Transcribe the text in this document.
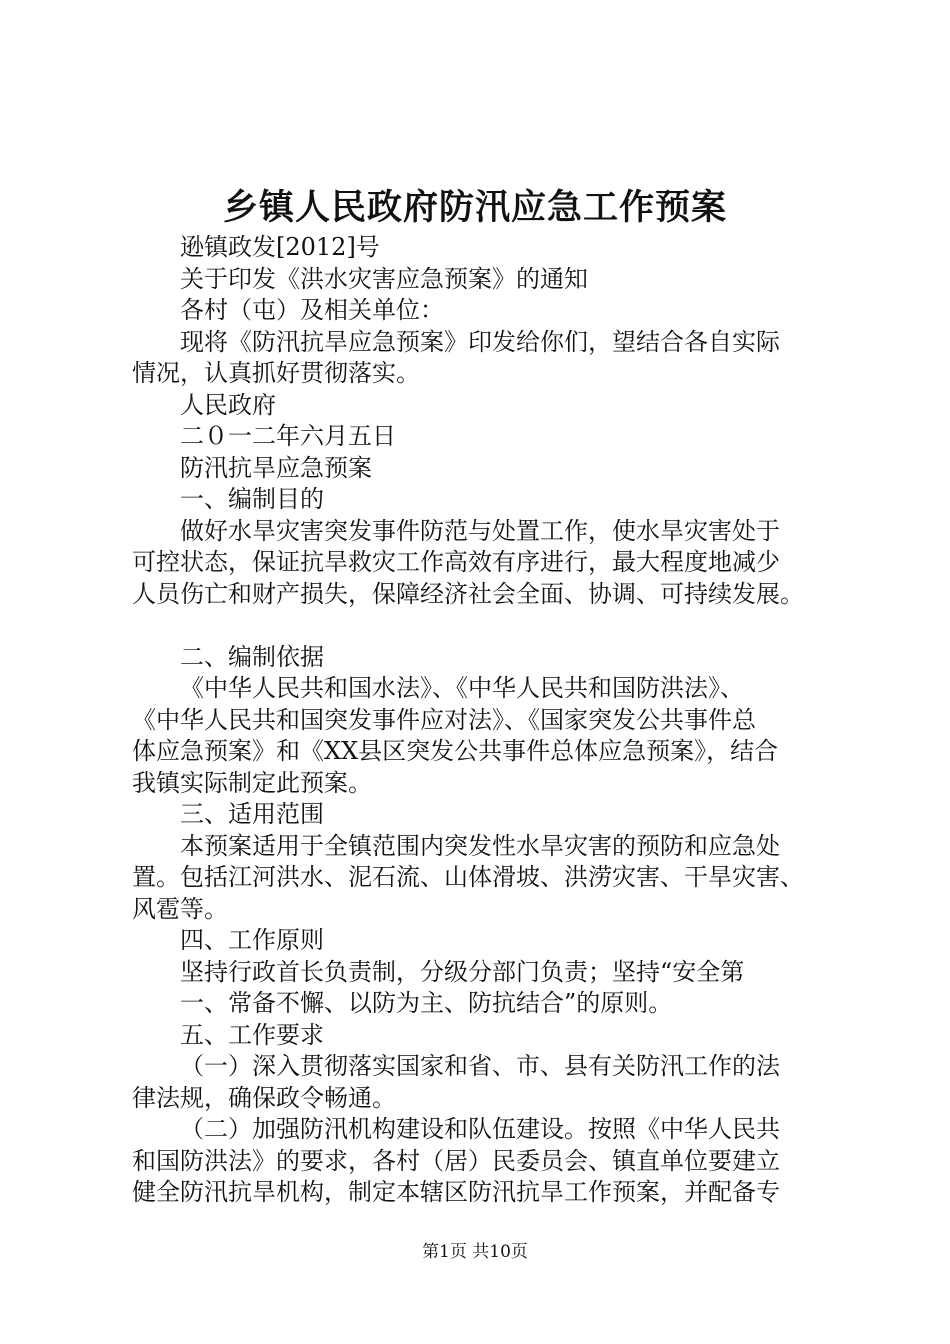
乡镇人民政府防汛应急工作预案

逊镇政发[2012]号

关于印发《洪水灾害应急预案》的通知

各村（屯）及相关单位：

现将《防汛抗旱应急预案》印发给你们，望结合各自实际

情况，认真抓好贯彻落实。

人民政府

二０一二年六月五日

防汛抗旱应急预案

一、编制目的

做好水旱灾害突发事件防范与处置工作，使水旱灾害处于

可控状态，保证抗旱救灾工作高效有序进行，最大程度地减少

人员伤亡和财产损失，保障经济社会全面、协调、可持续发展。

二、编制依据

《中华人民共和国水法》、《中华人民共和国防洪法》、

《中华人民共和国突发事件应对法》、《国家突发公共事件总

体应急预案》和《XX县区突发公共事件总体应急预案》，结合

我镇实际制定此预案。

三、适用范围

本预案适用于全镇范围内突发性水旱灾害的预防和应急处

置。包括江河洪水、泥石流、山体滑坡、洪涝灾害、干旱灾害、

风雹等。

四、工作原则

坚持行政首长负责制，分级分部门负责；坚持“安全第

一、常备不懈、以防为主、防抗结合”的原则。

五、工作要求

（一）深入贯彻落实国家和省、市、县有关防汛工作的法

律法规，确保政令畅通。

（二）加强防汛机构建设和队伍建设。按照《中华人民共

和国防洪法》的要求，各村（居）民委员会、镇直单位要建立

健全防汛抗旱机构，制定本辖区防汛抗旱工作预案，并配备专

第1页 共10页
